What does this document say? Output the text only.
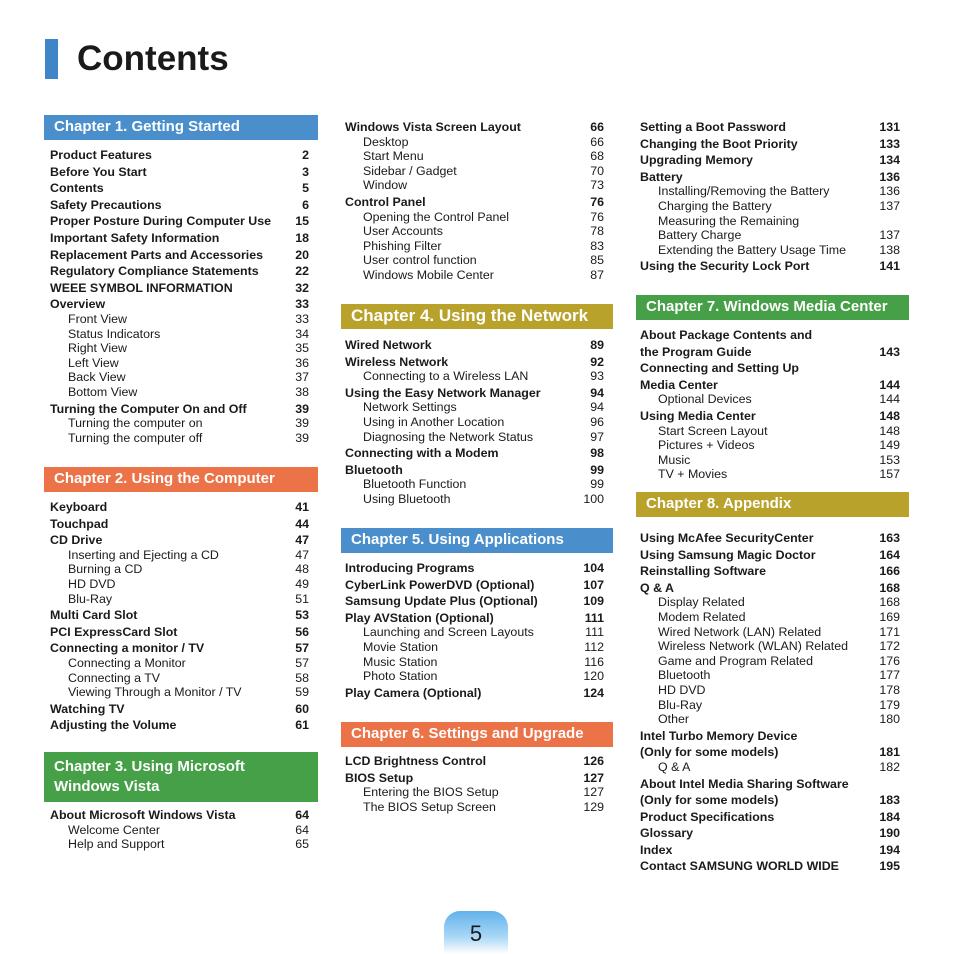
Contents
Chapter 1. Getting Started
Product Features	2
Before You Start	3
Contents	5
Safety Precautions	6
Proper Posture During Computer Use 15
Important Safety Information	18
Replacement Parts and Accessories	20
Regulatory Compliance Statements	22
WEEE SYMBOL INFORMATION	32
Overview	33
Front View	33
Status Indicators	34
Right View	35
Left View	36
Back View	37
Bottom View	38
Turning the Computer On and Off	39
Turning the computer on	39
Turning the computer off	39
Chapter 2. Using the Computer
Keyboard	41
Touchpad	44
CD Drive	47
Inserting and Ejecting a CD	47
Burning a CD	48
HD DVD	49
Blu-Ray	51
Multi Card Slot	53
PCI ExpressCard Slot	56
Connecting a monitor / TV	57
Connecting a Monitor	57
Connecting a TV	58
Viewing Through a Monitor / TV	59
Watching TV	60
Adjusting the Volume	61
Chapter 3. Using Microsoft
Windows Vista
About Microsoft Windows Vista	64
Welcome Center	64
Help and Support	65
Windows Vista Screen Layout	66
Desktop	66
Start Menu	68
Sidebar / Gadget	70
Window	73
Control Panel	76
Opening the Control Panel	76
User Accounts	78
Phishing Filter	83
User control function	85
Windows Mobile Center	87
Chapter 4. Using the Network
Wired Network	89
Wireless Network	92
Connecting to a Wireless LAN	93
Using the Easy Network Manager	94
Network Settings	94
Using in Another Location	96
Diagnosing the Network Status	97
Connecting with a Modem	98
Bluetooth	99
Bluetooth Function	99
Using Bluetooth	100
Chapter 5. Using Applications
Introducing Programs	104
CyberLink PowerDVD (Optional)	107
Samsung Update Plus (Optional)	109
Play AVStation (Optional)	111
Launching and Screen Layouts	111
Movie Station	112
Music Station	116
Photo Station	120
Play Camera (Optional)	124
Chapter 6. Settings and Upgrade
LCD Brightness Control	126
BIOS Setup	127
Entering the BIOS Setup	127
The BIOS Setup Screen	129
Setting a Boot Password	131
Changing the Boot Priority	133
Upgrading Memory	134
Battery	136
Installing/Removing the Battery	136
Charging the Battery	137
Measuring the Remaining
Battery Charge	137
Extending the Battery Usage Time	138
Using the Security Lock Port	141
Chapter 7. Windows Media Center
About Package Contents and
the Program Guide	143
Connecting and Setting Up
Media Center	144
Optional Devices	144
Using Media Center	148
Start Screen Layout	148
Pictures + Videos	149
Music	153
TV + Movies	157
Chapter 8. Appendix
Using McAfee SecurityCenter	163
Using Samsung Magic Doctor	164
Reinstalling Software	166
Q & A	168
Display Related	168
Modem Related	169
Wired Network (LAN) Related	171
Wireless Network (WLAN) Related	172
Game and Program Related	176
Bluetooth	177
HD DVD	178
Blu-Ray	179
Other	180
Intel Turbo Memory Device
(Only for some models)	181
Q & A	182
About Intel Media Sharing Software
(Only for some models)	183
Product Specifications	184
Glossary	190
Index	194
Contact SAMSUNG WORLD WIDE	195
5
